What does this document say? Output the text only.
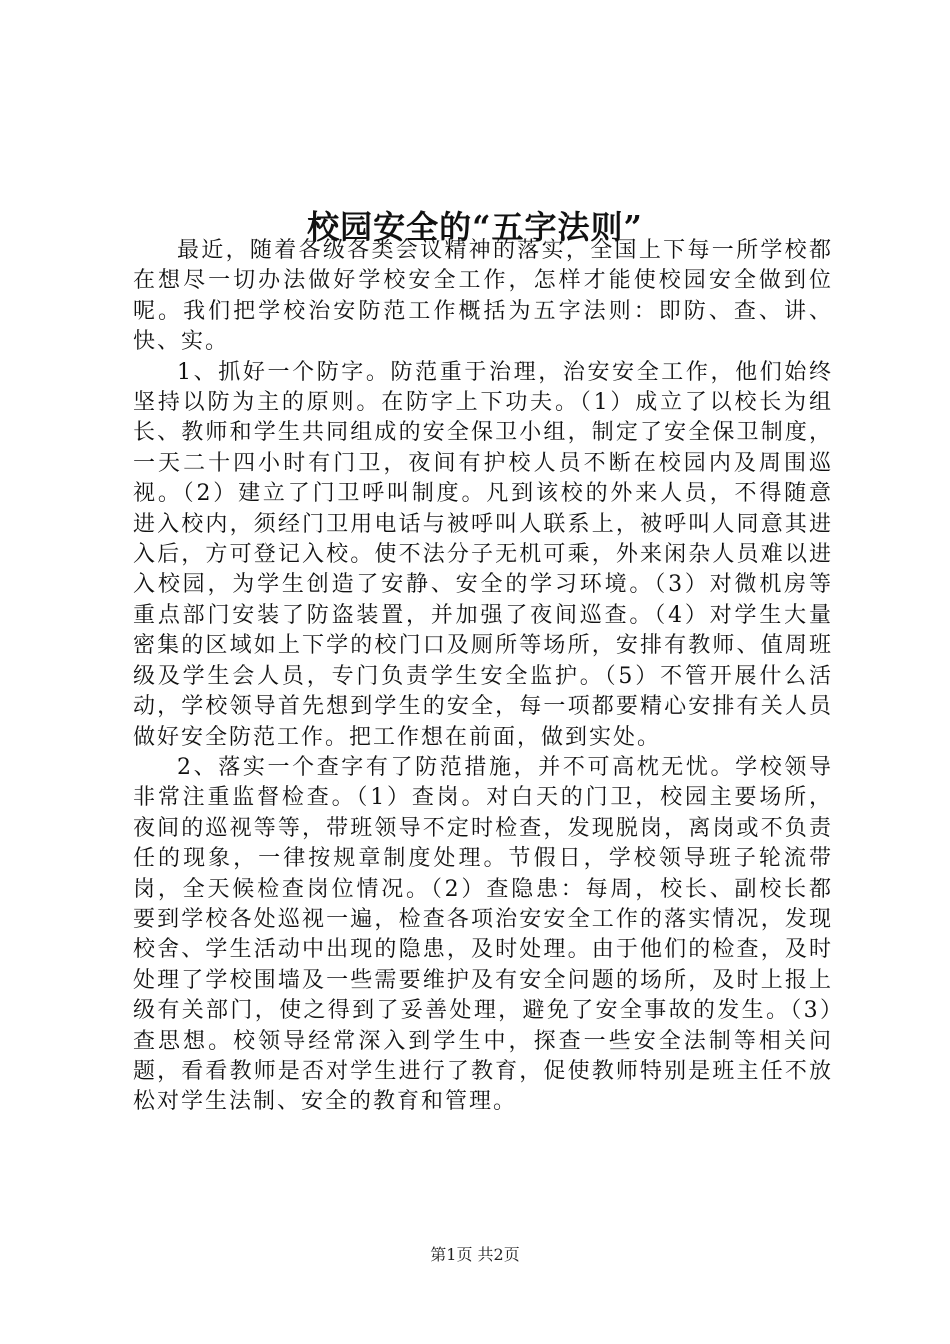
校园安全的“五字法则”

最近，随着各级各类会议精神的落实，全国上下每一所学校都在想尽一切办法做好学校安全工作，怎样才能使校园安全做到位呢。我们把学校治安防范工作概括为五字法则：即防、查、讲、快、实。

1、抓好一个防字。防范重于治理，治安安全工作，他们始终坚持以防为主的原则。在防字上下功夫。（1）成立了以校长为组长、教师和学生共同组成的安全保卫小组，制定了安全保卫制度，一天二十四小时有门卫，夜间有护校人员不断在校园内及周围巡视。（2）建立了门卫呼叫制度。凡到该校的外来人员，不得随意进入校内，须经门卫用电话与被呼叫人联系上，被呼叫人同意其进入后，方可登记入校。使不法分子无机可乘，外来闲杂人员难以进入校园，为学生创造了安静、安全的学习环境。（3）对微机房等重点部门安装了防盗装置，并加强了夜间巡查。（4）对学生大量密集的区域如上下学的校门口及厕所等场所，安排有教师、值周班级及学生会人员，专门负责学生安全监护。（5）不管开展什么活动，学校领导首先想到学生的安全，每一项都要精心安排有关人员做好安全防范工作。把工作想在前面，做到实处。

2、落实一个查字有了防范措施，并不可高枕无忧。学校领导非常注重监督检查。（1）查岗。对白天的门卫，校园主要场所，夜间的巡视等等，带班领导不定时检查，发现脱岗，离岗或不负责任的现象，一律按规章制度处理。节假日，学校领导班子轮流带岗，全天候检查岗位情况。（2）查隐患：每周，校长、副校长都要到学校各处巡视一遍，检查各项治安安全工作的落实情况，发现校舍、学生活动中出现的隐患，及时处理。由于他们的检查，及时处理了学校围墙及一些需要维护及有安全问题的场所，及时上报上级有关部门，使之得到了妥善处理，避免了安全事故的发生。（3）查思想。校领导经常深入到学生中，探查一些安全法制等相关问题，看看教师是否对学生进行了教育，促使教师特别是班主任不放松对学生法制、安全的教育和管理。

第1页 共2页
